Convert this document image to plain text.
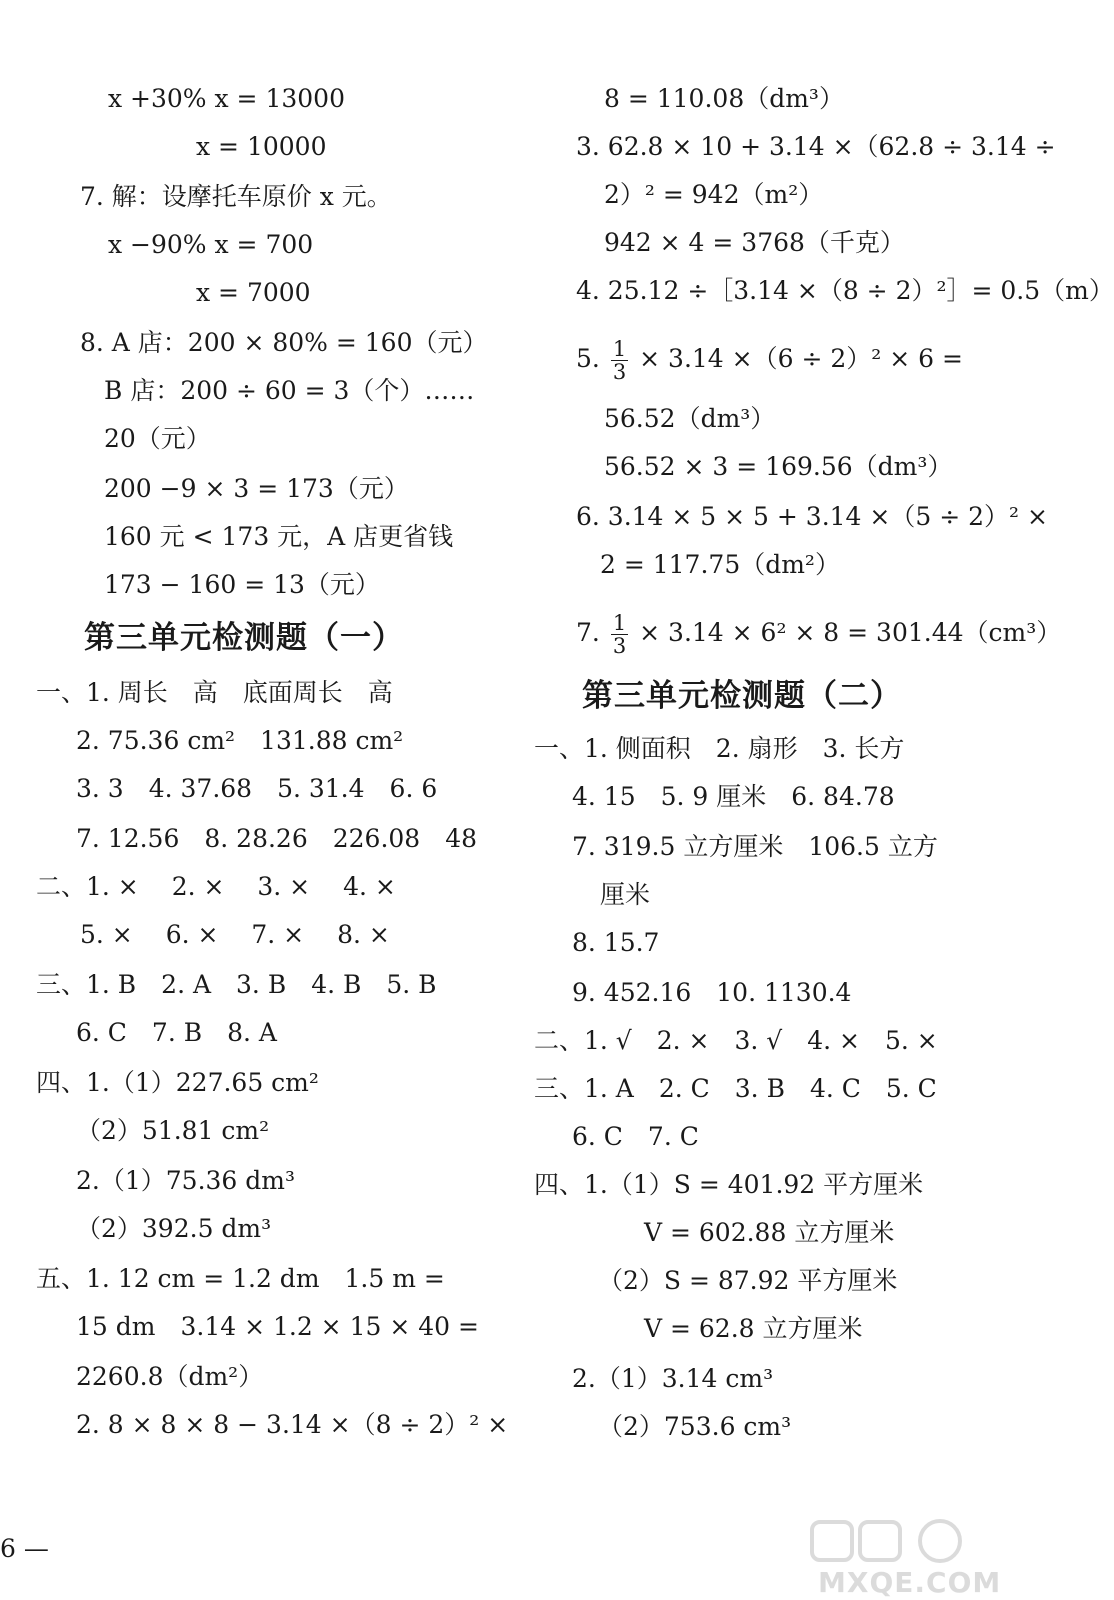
x +30% x = 13000
x = 10000
7. 解：设摩托车原价 x 元。
x −90% x = 700
x = 7000
8. A 店：200 × 80% = 160（元）
B 店：200 ÷ 60 = 3（个）……
20（元）
200 −9 × 3 = 173（元）
160 元 < 173 元，A 店更省钱
173 − 160 = 13（元）
一、1. 周长　高　底面周长　高
2. 75.36 cm²　131.88 cm²
3. 3　4. 37.68　5. 31.4　6. 6
7. 12.56　8. 28.26　226.08　48
二、1. ×　 2. ×　 3. ×　 4. ×
5. ×　 6. ×　 7. ×　 8. ×
三、1. B　2. A　3. B　4. B　5. B
6. C　7. B　8. A
四、1.（1）227.65 cm²
（2）51.81 cm²
2.（1）75.36 dm³
（2）392.5 dm³
五、1. 12 cm = 1.2 dm　1.5 m =
15 dm　3.14 × 1.2 × 15 × 40 =
2260.8（dm²）
2. 8 × 8 × 8 − 3.14 ×（8 ÷ 2）² ×
8 = 110.08（dm³）
3. 62.8 × 10 + 3.14 ×（62.8 ÷ 3.14 ÷
2）² = 942（m²）
942 × 4 = 3768（千克）
4. 25.12 ÷［3.14 ×（8 ÷ 2）²］= 0.5（m）
56.52（dm³）
56.52 × 3 = 169.56（dm³）
6. 3.14 × 5 × 5 + 3.14 ×（5 ÷ 2）² ×
2 = 117.75（dm²）
一、1. 侧面积　2. 扇形　3. 长方
4. 15　5. 9 厘米　6. 84.78
7. 319.5 立方厘米　106.5 立方
厘米
8. 15.7
9. 452.16　10. 1130.4
二、1. √　2. ×　3. √　4. ×　5. ×
三、1. A　2. C　3. B　4. C　5. C
6. C　7. C
四、1.（1）S = 401.92 平方厘米
V = 602.88 立方厘米
（2）S = 87.92 平方厘米
V = 62.8 立方厘米
2.（1）3.14 cm³
（2）753.6 cm³
第三单元检测题（一）
第三单元检测题（二）
5. $\frac{1}{3} \times 3.14 \times(6 \div 2)^2 \times 6$ =
7. $\frac{1}{3} \times 3.14 \times 6^2 \times 8 = 301.44(cm^3)$
6 —
MXQE.COM
